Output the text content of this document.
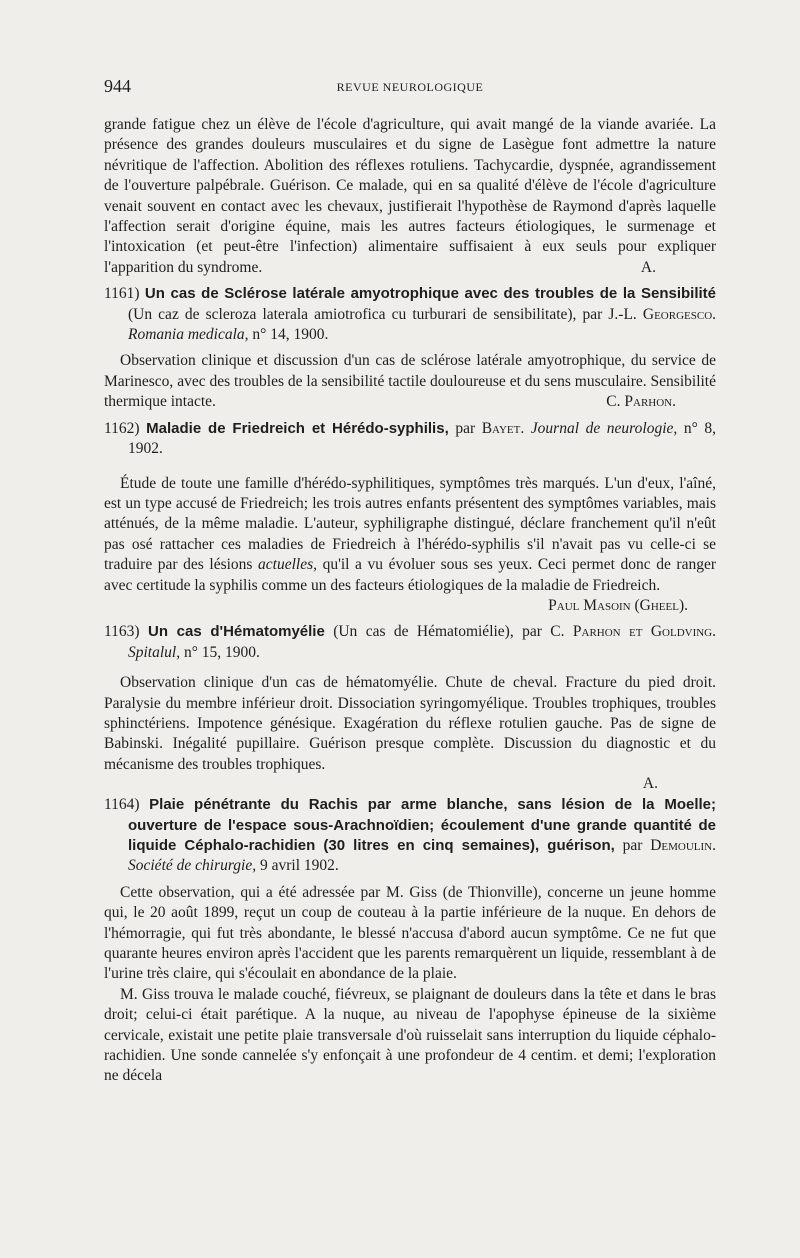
944	REVUE NEUROLOGIQUE

grande fatigue chez un élève de l'école d'agriculture, qui avait mangé de la viande avariée. La présence des grandes douleurs musculaires et du signe de Lasègue font admettre la nature névritique de l'affection. Abolition des réflexes rotuliens. Tachycardie, dyspnée, agrandissement de l'ouverture palpébrale. Guérison. Ce malade, qui en sa qualité d'élève de l'école d'agriculture venait souvent en contact avec les chevaux, justifierait l'hypothèse de Raymond d'après laquelle l'affection serait d'origine équine, mais les autres facteurs étiologiques, le surmenage et l'intoxication (et peut-être l'infection) alimentaire suffisaient à eux seuls pour expliquer l'apparition du syndrome.	A.

1161) Un cas de Sclérose latérale amyotrophique avec des troubles de la Sensibilité (Un caz de scleroza laterala amiotrofica cu turburari de sensibilitate), par J.-L. Georgesco. Romania medicala, n° 14, 1900.

Observation clinique et discussion d'un cas de sclérose latérale amyotrophique, du service de Marinesco, avec des troubles de la sensibilité tactile douloureuse et du sens musculaire. Sensibilité thermique intacte.	C. Parhon.

1162) Maladie de Friedreich et Hérédo-syphilis, par Bayet. Journal de neurologie, n° 8, 1902.

Étude de toute une famille d'hérédo-syphilitiques, symptômes très marqués. L'un d'eux, l'aîné, est un type accusé de Friedreich; les trois autres enfants présentent des symptômes variables, mais atténués, de la même maladie. L'auteur, syphiligraphe distingué, déclare franchement qu'il n'eût pas osé rattacher ces maladies de Friedreich à l'hérédo-syphilis s'il n'avait pas vu celle-ci se traduire par des lésions actuelles, qu'il a vu évoluer sous ses yeux. Ceci permet donc de ranger avec certitude la syphilis comme un des facteurs étiologiques de la maladie de Friedreich.
Paul Masoin (Gheel).

1163) Un cas d'Hématomyélie (Un cas de Hématomiélie), par C. Parhon et Goldving. Spitalul, n° 15, 1900.

Observation clinique d'un cas de hématomyélie. Chute de cheval. Fracture du pied droit. Paralysie du membre inférieur droit. Dissociation syringomyélique. Troubles trophiques, troubles sphinctériens. Impotence génésique. Exagération du réflexe rotulien gauche. Pas de signe de Babinski. Inégalité pupillaire. Guérison presque complète. Discussion du diagnostic et du mécanisme des troubles trophiques.

A.
1164) Plaie pénétrante du Rachis par arme blanche, sans lésion de la Moelle; ouverture de l'espace sous-Arachnoïdien; écoulement d'une grande quantité de liquide Céphalo-rachidien (30 litres en cinq semaines), guérison, par Demoulin. Société de chirurgie, 9 avril 1902.

Cette observation, qui a été adressée par M. Giss (de Thionville), concerne un jeune homme qui, le 20 août 1899, reçut un coup de couteau à la partie inférieure de la nuque. En dehors de l'hémorragie, qui fut très abondante, le blessé n'accusa d'abord aucun symptôme. Ce ne fut que quarante heures environ après l'accident que les parents remarquèrent un liquide, ressemblant à de l'urine très claire, qui s'écoulait en abondance de la plaie.

M. Giss trouva le malade couché, fiévreux, se plaignant de douleurs dans la tête et dans le bras droit; celui-ci était parétique. A la nuque, au niveau de l'apophyse épineuse de la sixième cervicale, existait une petite plaie transversale d'où ruisselait sans interruption du liquide céphalo-rachidien. Une sonde cannelée s'y enfonçait à une profondeur de 4 centim. et demi; l'exploration ne décela
